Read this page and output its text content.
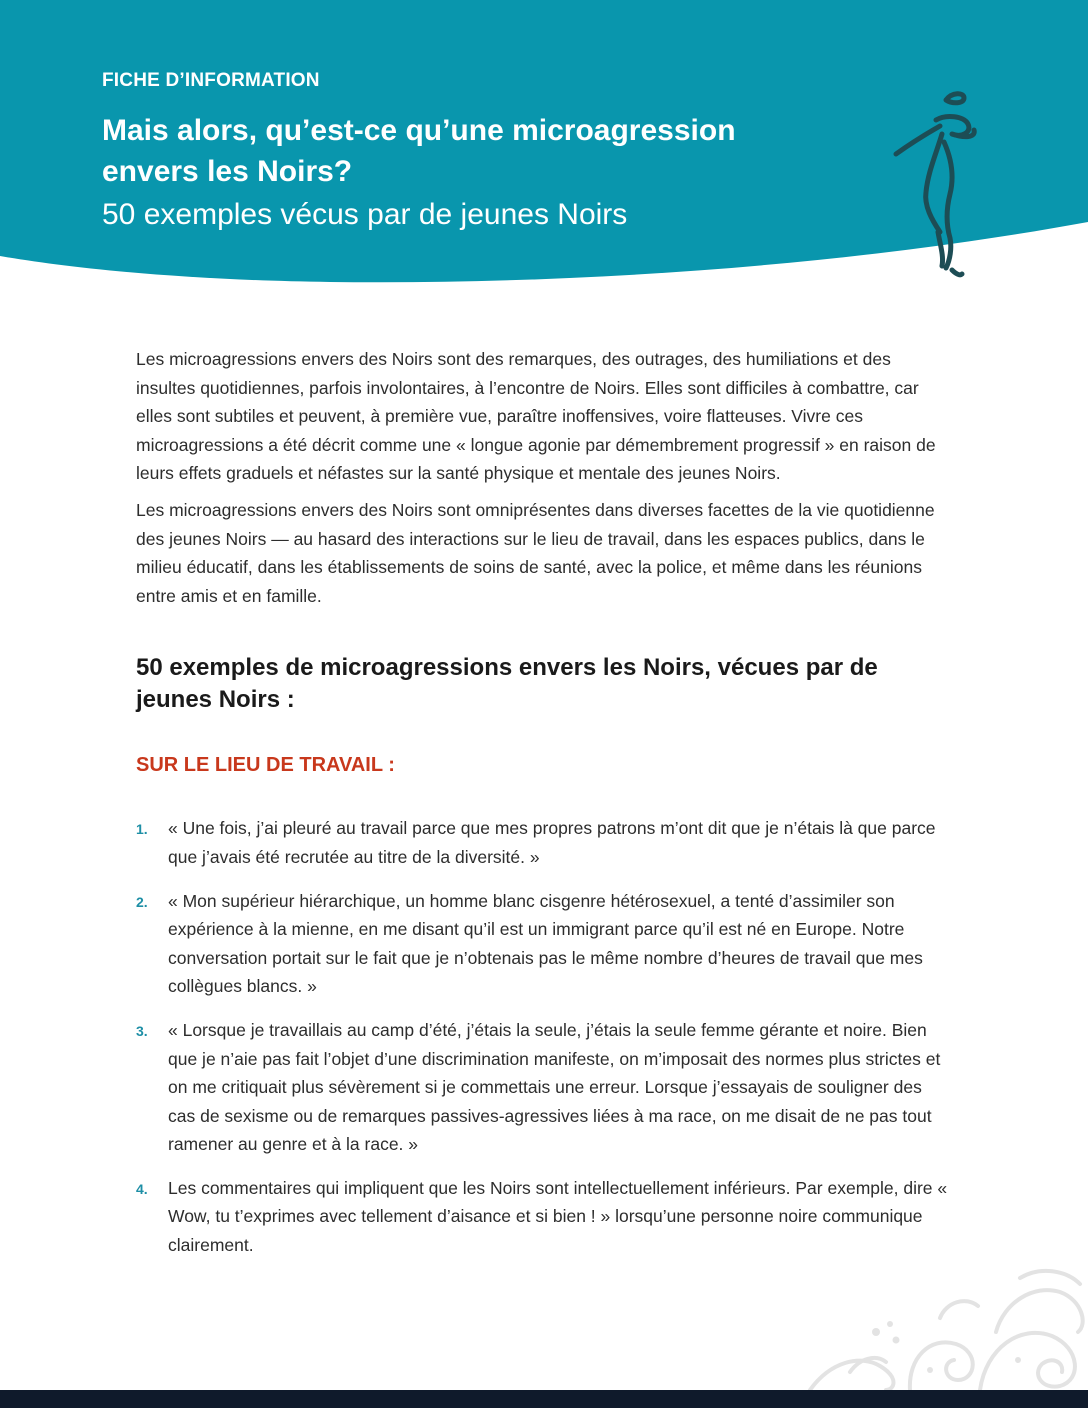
FICHE D’INFORMATION

Mais alors, qu’est-ce qu’une microagression envers les Noirs?
50 exemples vécus par de jeunes Noirs

Les microagressions envers des Noirs sont des remarques, des outrages, des humiliations et des insultes quotidiennes, parfois involontaires, à l’encontre de Noirs. Elles sont difficiles à combattre, car elles sont subtiles et peuvent, à première vue, paraître inoffensives, voire flatteuses. Vivre ces microagressions a été décrit comme une « longue agonie par démembrement progressif » en raison de leurs effets graduels et néfastes sur la santé physique et mentale des jeunes Noirs.

Les microagressions envers des Noirs sont omniprésentes dans diverses facettes de la vie quotidienne des jeunes Noirs — au hasard des interactions sur le lieu de travail, dans les espaces publics, dans le milieu éducatif, dans les établissements de soins de santé, avec la police, et même dans les réunions entre amis et en famille.

50 exemples de microagressions envers les Noirs, vécues par de jeunes Noirs :
SUR LE LIEU DE TRAVAIL :
1. « Une fois, j’ai pleuré au travail parce que mes propres patrons m’ont dit que je n’étais là que parce que j’avais été recrutée au titre de la diversité. »
2. « Mon supérieur hiérarchique, un homme blanc cisgenre hétérosexuel, a tenté d’assimiler son expérience à la mienne, en me disant qu’il est un immigrant parce qu’il est né en Europe. Notre conversation portait sur le fait que je n’obtenais pas le même nombre d’heures de travail que mes collègues blancs. »
3. « Lorsque je travaillais au camp d’été, j’étais la seule, j’étais la seule femme gérante et noire. Bien que je n’aie pas fait l’objet d’une discrimination manifeste, on m’imposait des normes plus strictes et on me critiquait plus sévèrement si je commettais une erreur. Lorsque j’essayais de souligner des cas de sexisme ou de remarques passives-agressives liées à ma race, on me disait de ne pas tout ramener au genre et à la race. »
4. Les commentaires qui impliquent que les Noirs sont intellectuellement inférieurs. Par exemple, dire « Wow, tu t’exprimes avec tellement d’aisance et si bien ! » lorsqu’une personne noire communique clairement.
